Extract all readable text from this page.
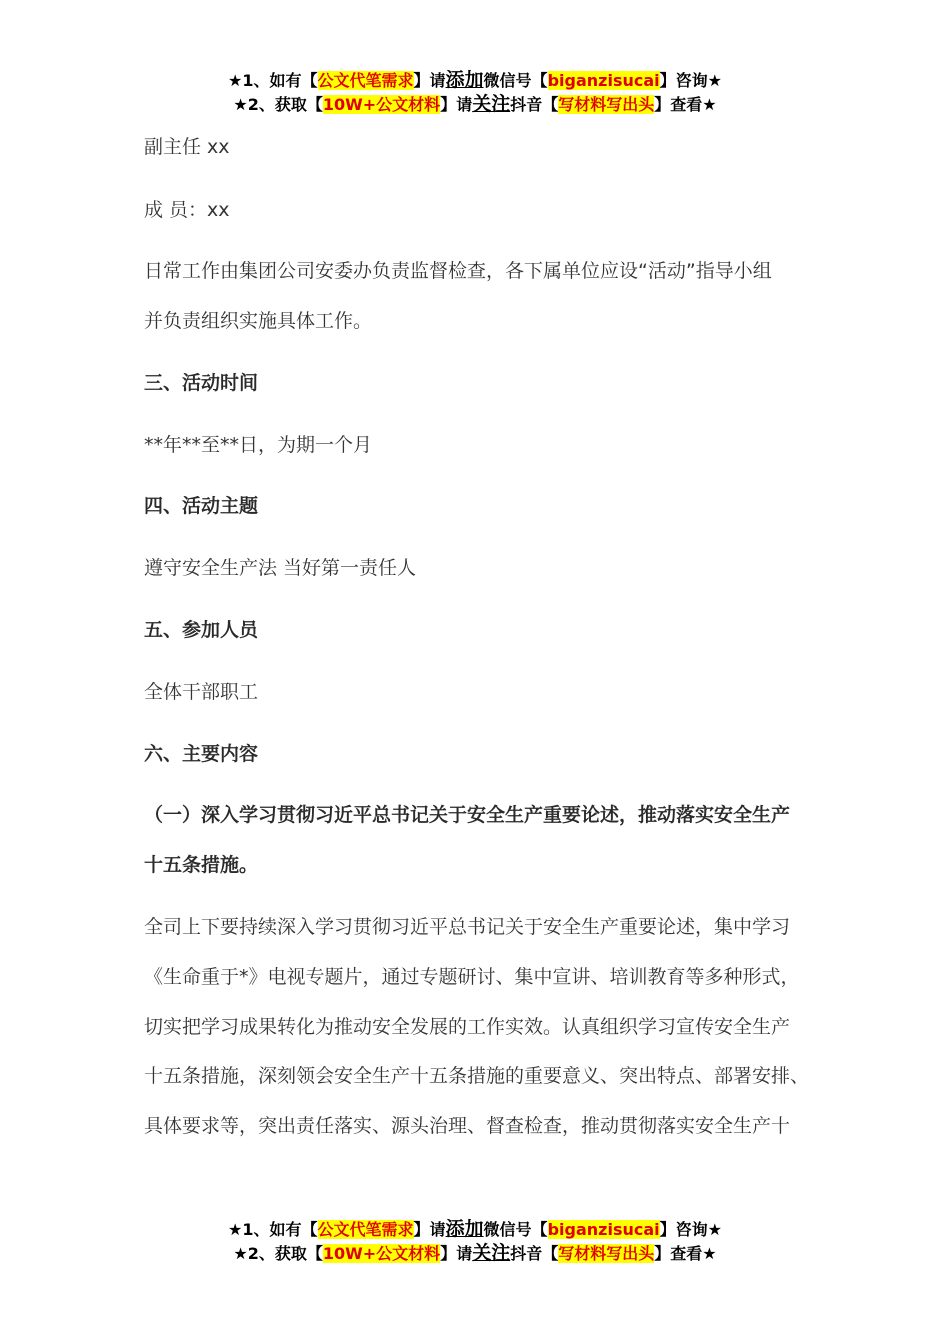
★1、如有【公文代笔需求】请添加微信号【biganzisucai】咨询★
★2、获取【10W+公文材料】请关注抖音【写材料写出头】查看★
副主任 xx
成 员：xx
日常工作由集团公司安委办负责监督检查，各下属单位应设“活动”指导小组
并负责组织实施具体工作。
三、活动时间
**年**至**日，为期一个月
四、活动主题
遵守安全生产法 当好第一责任人
五、参加人员
全体干部职工
六、主要内容
（一）深入学习贯彻习近平总书记关于安全生产重要论述，推动落实安全生产
十五条措施。
全司上下要持续深入学习贯彻习近平总书记关于安全生产重要论述，集中学习
《生命重于*》电视专题片，通过专题研讨、集中宣讲、培训教育等多种形式，
切实把学习成果转化为推动安全发展的工作实效。认真组织学习宣传安全生产
十五条措施，深刻领会安全生产十五条措施的重要意义、突出特点、部署安排、
具体要求等，突出责任落实、源头治理、督查检查，推动贯彻落实安全生产十
★1、如有【公文代笔需求】请添加微信号【biganzisucai】咨询★
★2、获取【10W+公文材料】请关注抖音【写材料写出头】查看★
